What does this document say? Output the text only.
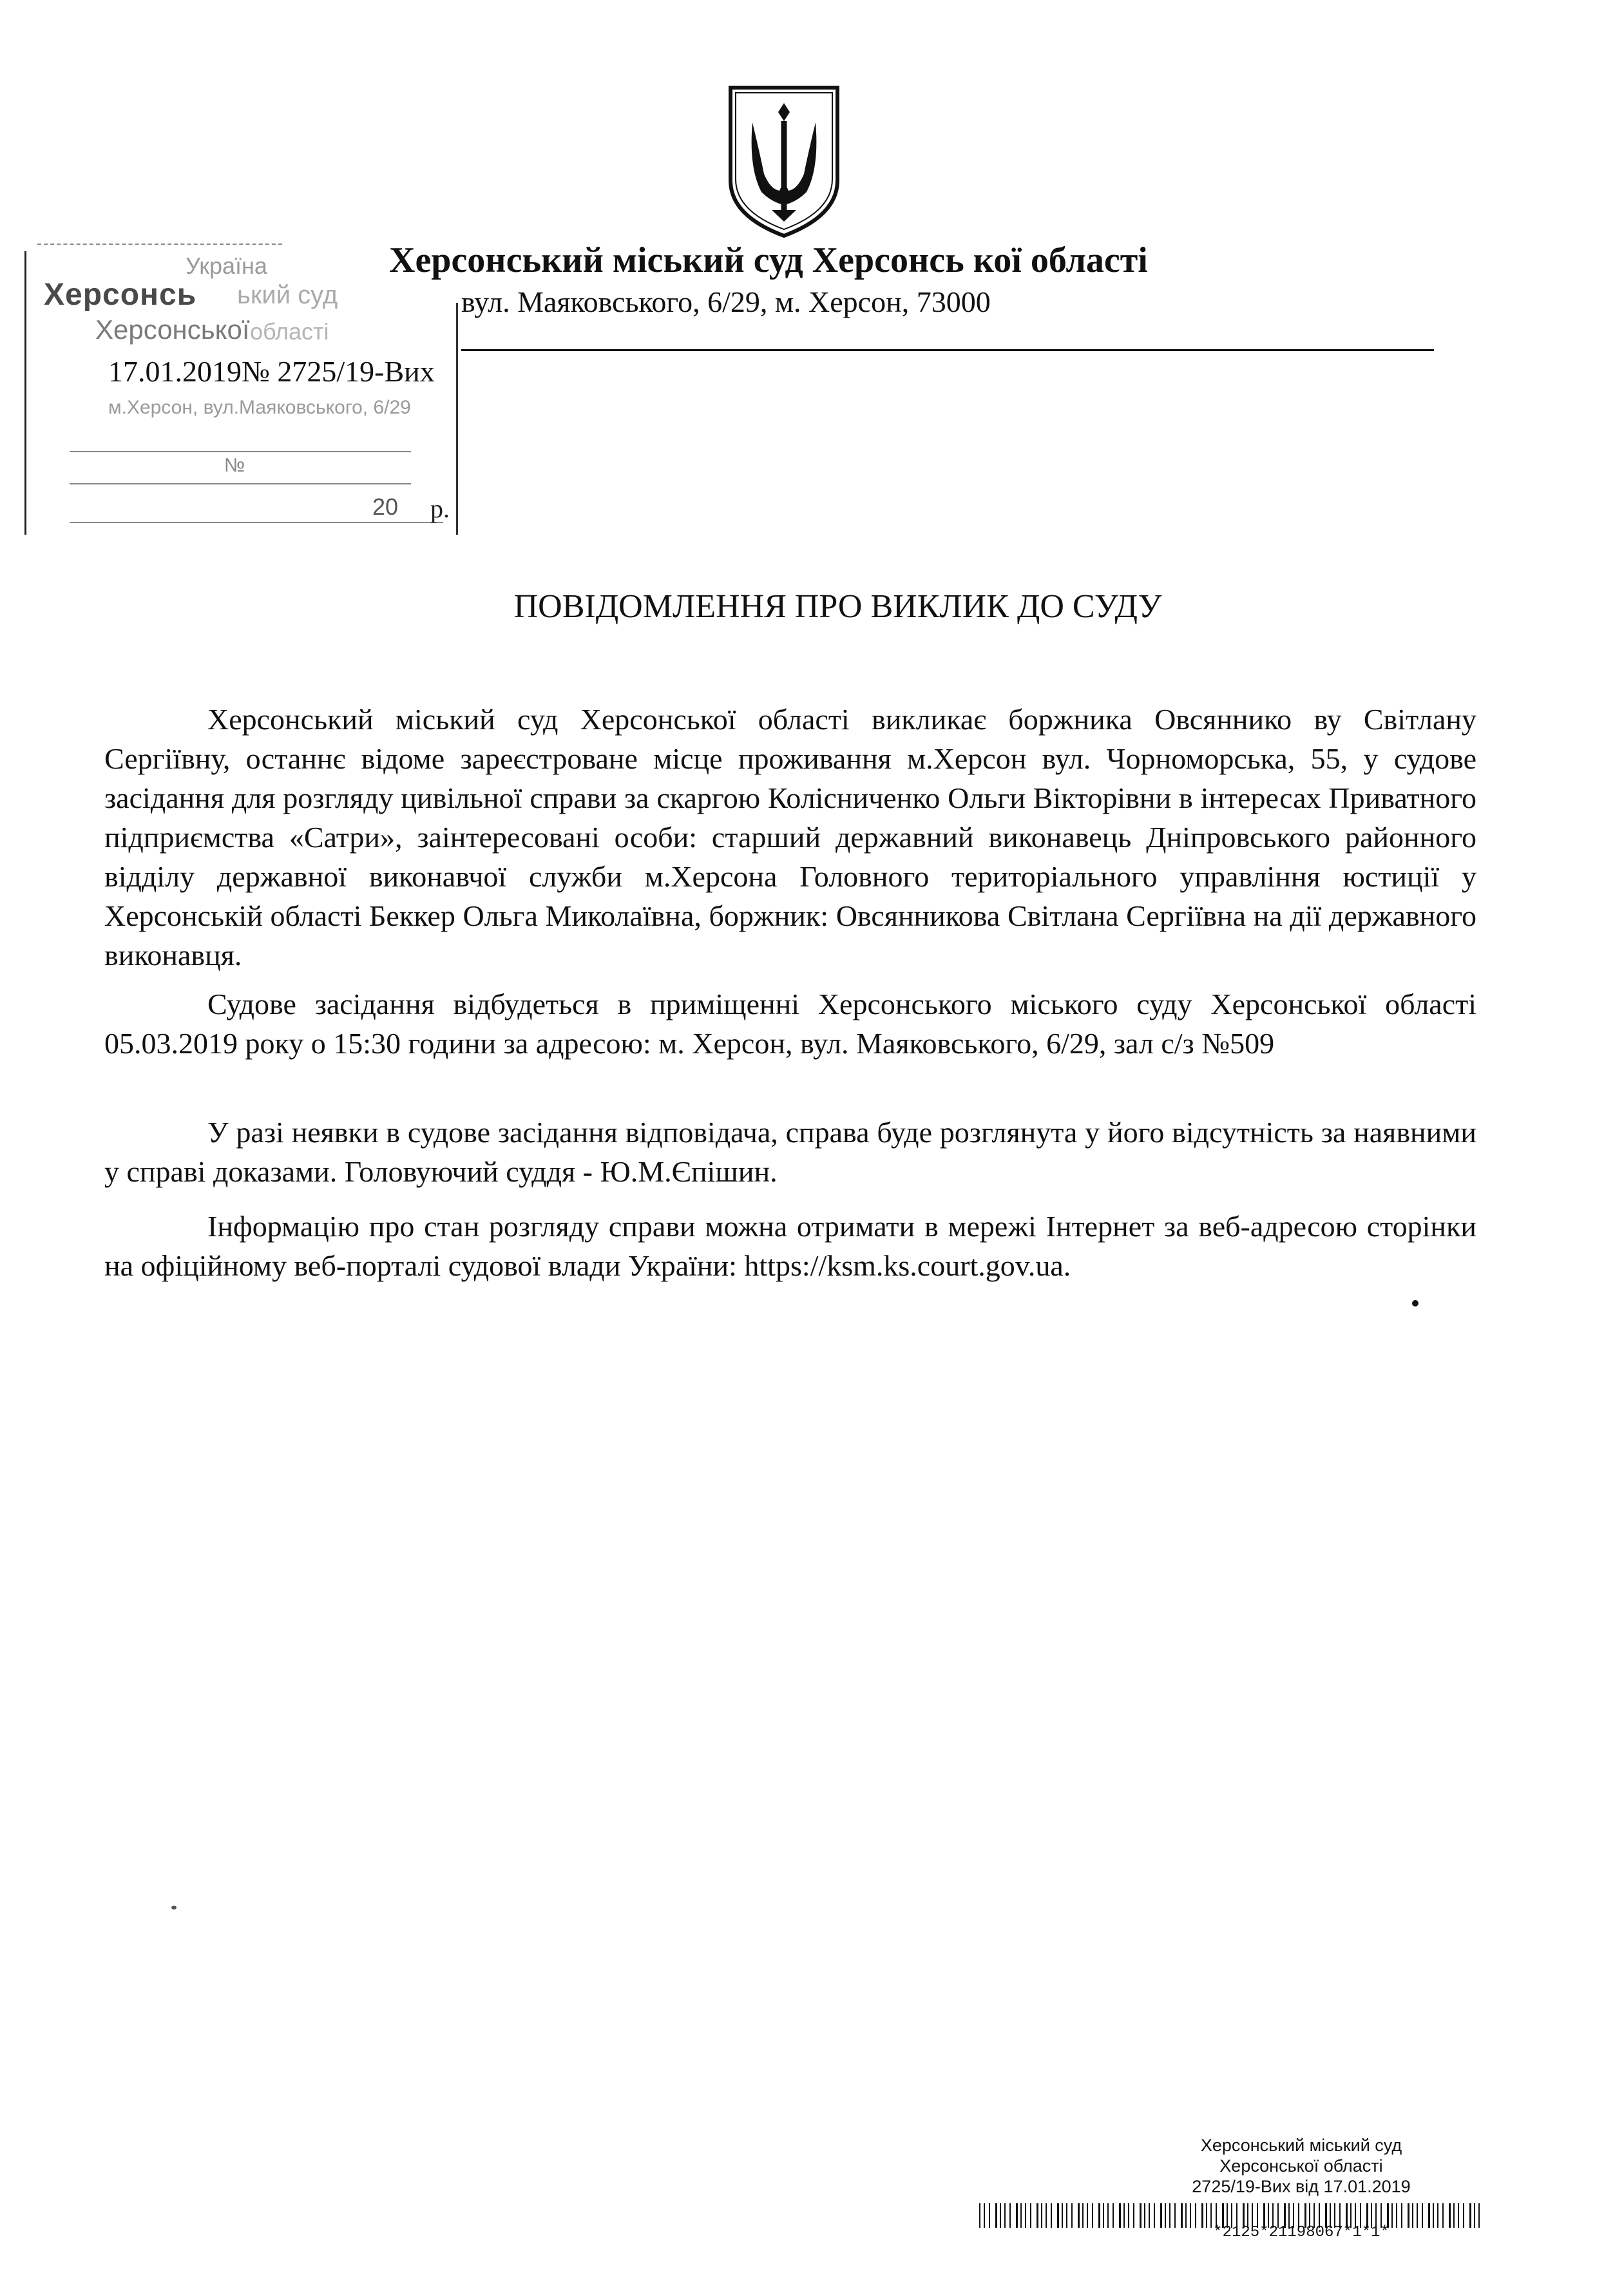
Херсонський міський суд Херсонсь кої області
вул. Маяковського, 6/29, м. Херсон, 73000
Україна
Херсонсь ький суд
Херсонської області
17.01.2019№ 2725/19-Вих
м.Херсон, вул.Маяковського, 6/29
№
20 р.
ПОВІДОМЛЕННЯ ПРО ВИКЛИК ДО СУДУ

Херсонський міський суд Херсонської області викликає боржника Овсяннико ву Світлану Сергіївну, останнє відоме зареєстроване місце проживання м.Херсон вул. Чорноморська, 55, у судове засідання для розгляду цивільної справи за скаргою Колісниченко Ольги Вікторівни в інтересах Приватного підприємства «Сатри», заінтересовані особи: старший державний виконавець Дніпровського районного відділу державної виконавчої служби м.Херсона Головного територіального управління юстиції у Херсонській області Беккер Ольга Миколаївна, боржник: Овсянникова Світлана Сергіївна на дії державного виконавця.

Судове засідання відбудеться в приміщенні Херсонського міського суду Херсонської області 05.03.2019 року о 15:30 години за адресою: м. Херсон, вул. Маяковського, 6/29, зал с/з №509

У разі неявки в судове засідання відповідача, справа буде розглянута у його відсутність за наявними у справі доказами. Головуючий суддя - Ю.М.Єпішин.

Інформацію про стан розгляду справи можна отримати в мережі Інтернет за веб-адресою сторінки на офіційному веб-порталі судової влади України: https://ksm.ks.court.gov.ua.

Херсонський міський суд
Херсонської області
2725/19-Вих від 17.01.2019
*2125*21198067*1*1*
